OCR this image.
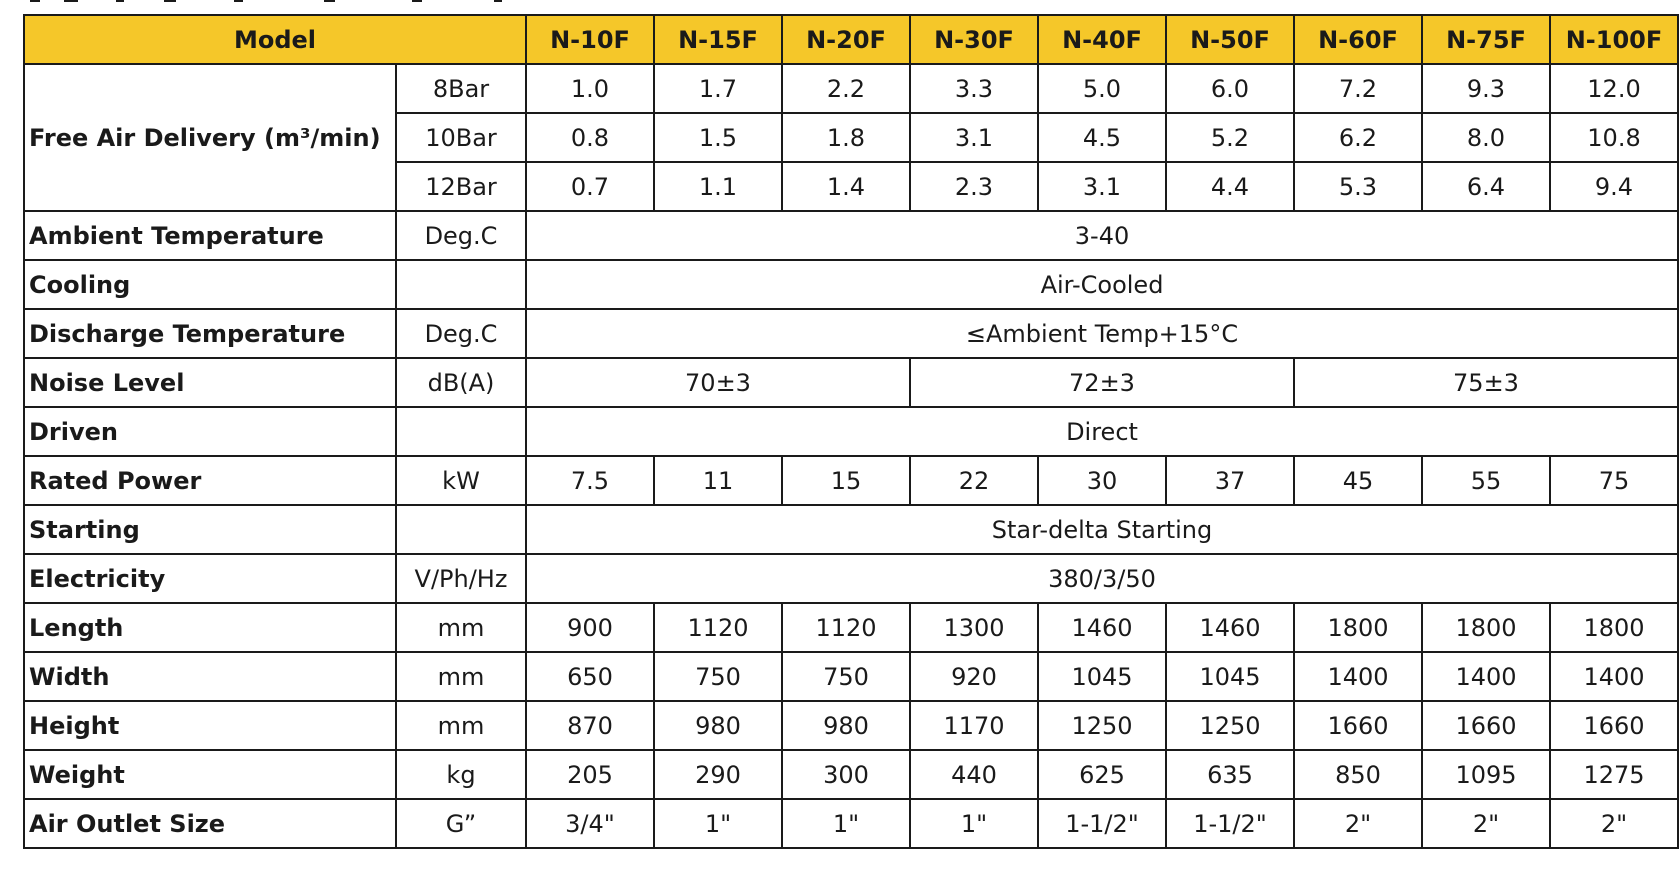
Model		N-10F	N-15F	N-20F	N-30F	N-40F	N-50F	N-60F	N-75F	N-100F
Free Air Delivery (m³/min)	8Bar	1.0	1.7	2.2	3.3	5.0	6.0	7.2	9.3	12.0
	10Bar	0.8	1.5	1.8	3.1	4.5	5.2	6.2	8.0	10.8
	12Bar	0.7	1.1	1.4	2.3	3.1	4.4	5.3	6.4	9.4
Ambient Temperature	Deg.C	3-40								
Cooling		Air-Cooled								
Discharge Temperature	Deg.C	≤Ambient Temp+15°C								
Noise Level	dB(A)	70±3			72±3			75±3		
Driven		Direct								
Rated Power	kW	7.5	11	15	22	30	37	45	55	75
Starting		Star-delta Starting								
Electricity	V/Ph/Hz	380/3/50								
Length	mm	900	1120	1120	1300	1460	1460	1800	1800	1800
Width	mm	650	750	750	920	1045	1045	1400	1400	1400
Height	mm	870	980	980	1170	1250	1250	1660	1660	1660
Weight	kg	205	290	300	440	625	635	850	1095	1275
Air Outlet Size	G”	3/4"	1"	1"	1"	1-1/2"	1-1/2"	2"	2"	2"
